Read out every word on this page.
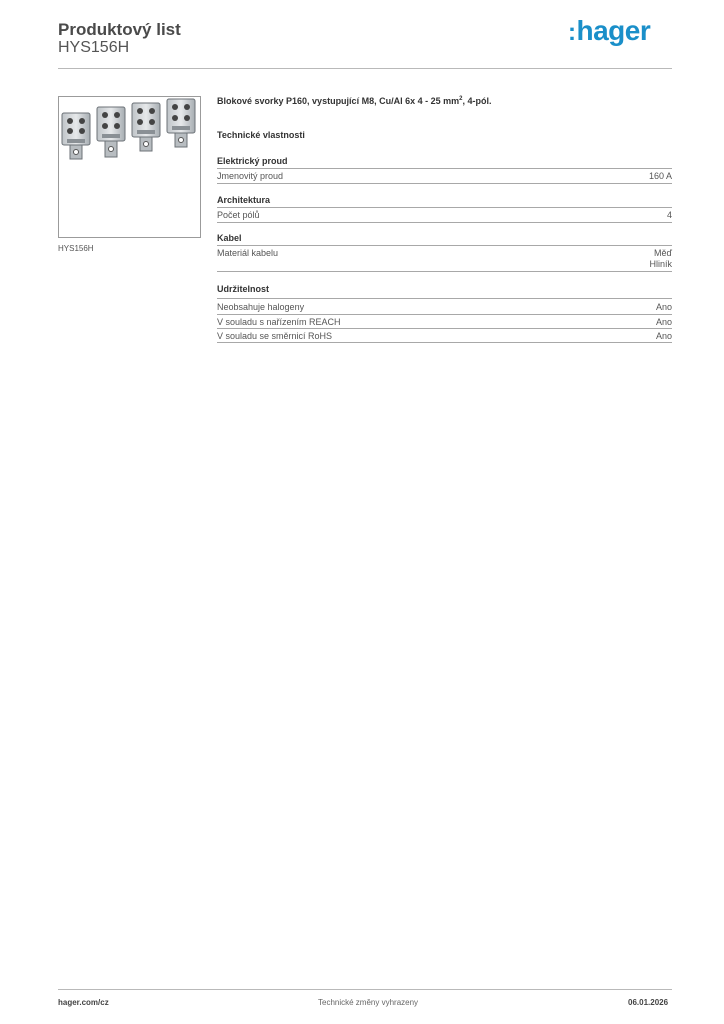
Produktový list
HYS156H
:hager
HYS156H
Blokové svorky P160, vystupující M8, Cu/Al 6x 4 - 25 $mm^2$, 4-pól.
Technické vlastnosti
Elektrický proud
Jmenovitý proud	160 A
Architektura
Počet pólů	4
Kabel
Materiál kabelu	Měď
Hliník
Udržitelnost
Neobsahuje halogeny	Ano
V souladu s nařízením REACH	Ano
V souladu se směrnicí RoHS	Ano
hager.com/cz	Technické změny vyhrazeny	06.01.2026
